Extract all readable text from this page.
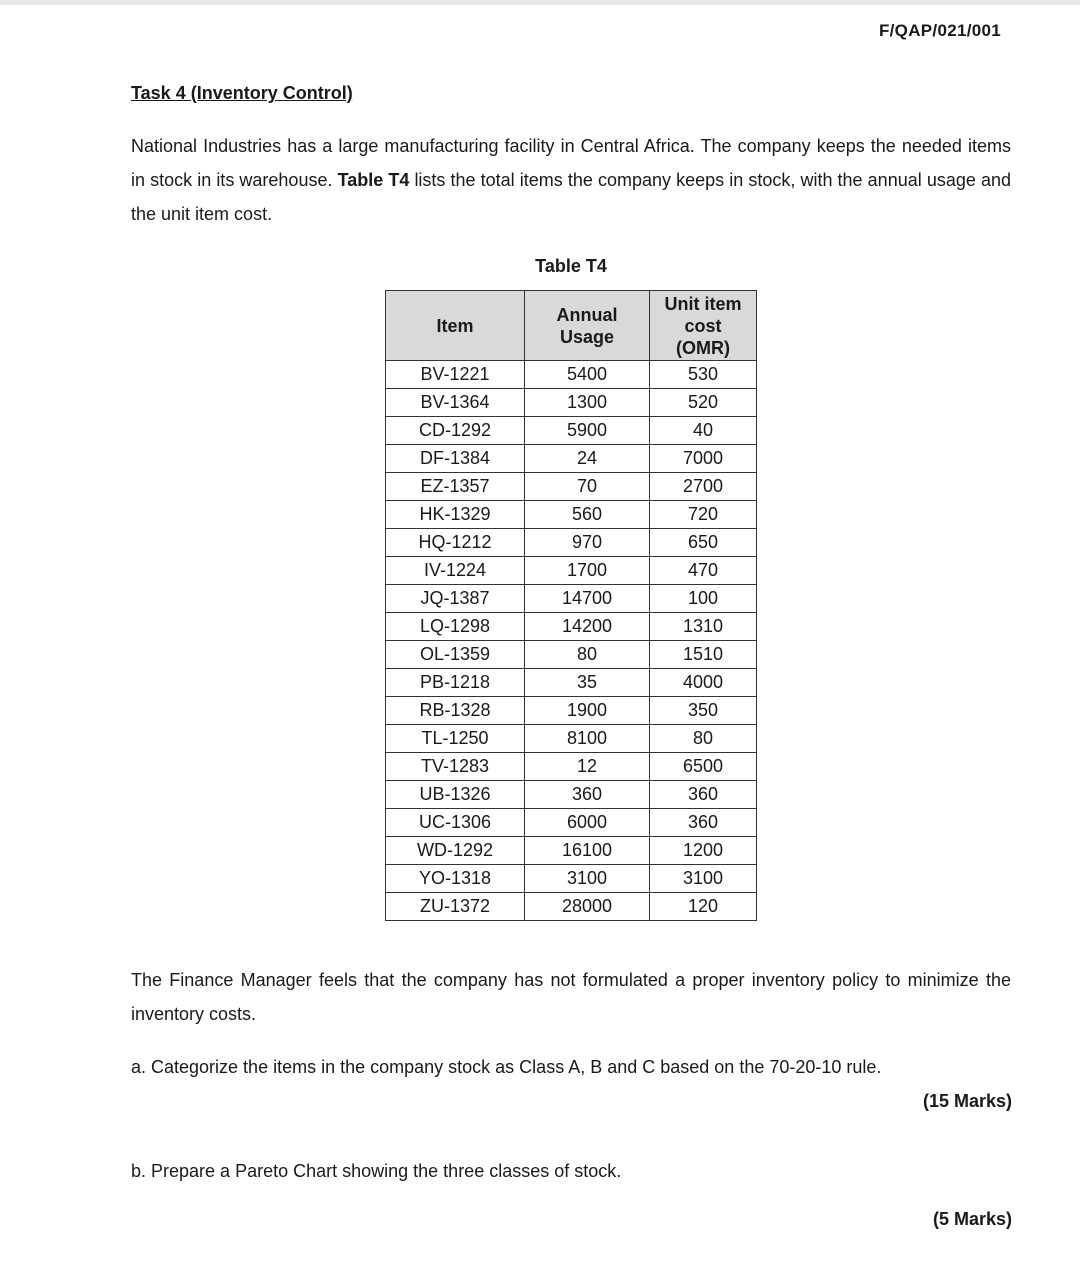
F/QAP/021/001
Task 4 (Inventory Control)

National Industries has a large manufacturing facility in Central Africa. The company keeps the needed items in stock in its warehouse. Table T4 lists the total items the company keeps in stock, with the annual usage and the unit item cost.

Table T4
Item	Annual Usage	Unit item cost (OMR)
BV-1221	5400	530
BV-1364	1300	520
CD-1292	5900	40
DF-1384	24	7000
EZ-1357	70	2700
HK-1329	560	720
HQ-1212	970	650
IV-1224	1700	470
JQ-1387	14700	100
LQ-1298	14200	1310
OL-1359	80	1510
PB-1218	35	4000
RB-1328	1900	350
TL-1250	8100	80
TV-1283	12	6500
UB-1326	360	360
UC-1306	6000	360
WD-1292	16100	1200
YO-1318	3100	3100
ZU-1372	28000	120

The Finance Manager feels that the company has not formulated a proper inventory policy to minimize the inventory costs.

a. Categorize the items in the company stock as Class A, B and C based on the 70-20-10 rule.
(15 Marks)
b. Prepare a Pareto Chart showing the three classes of stock.
(5 Marks)
